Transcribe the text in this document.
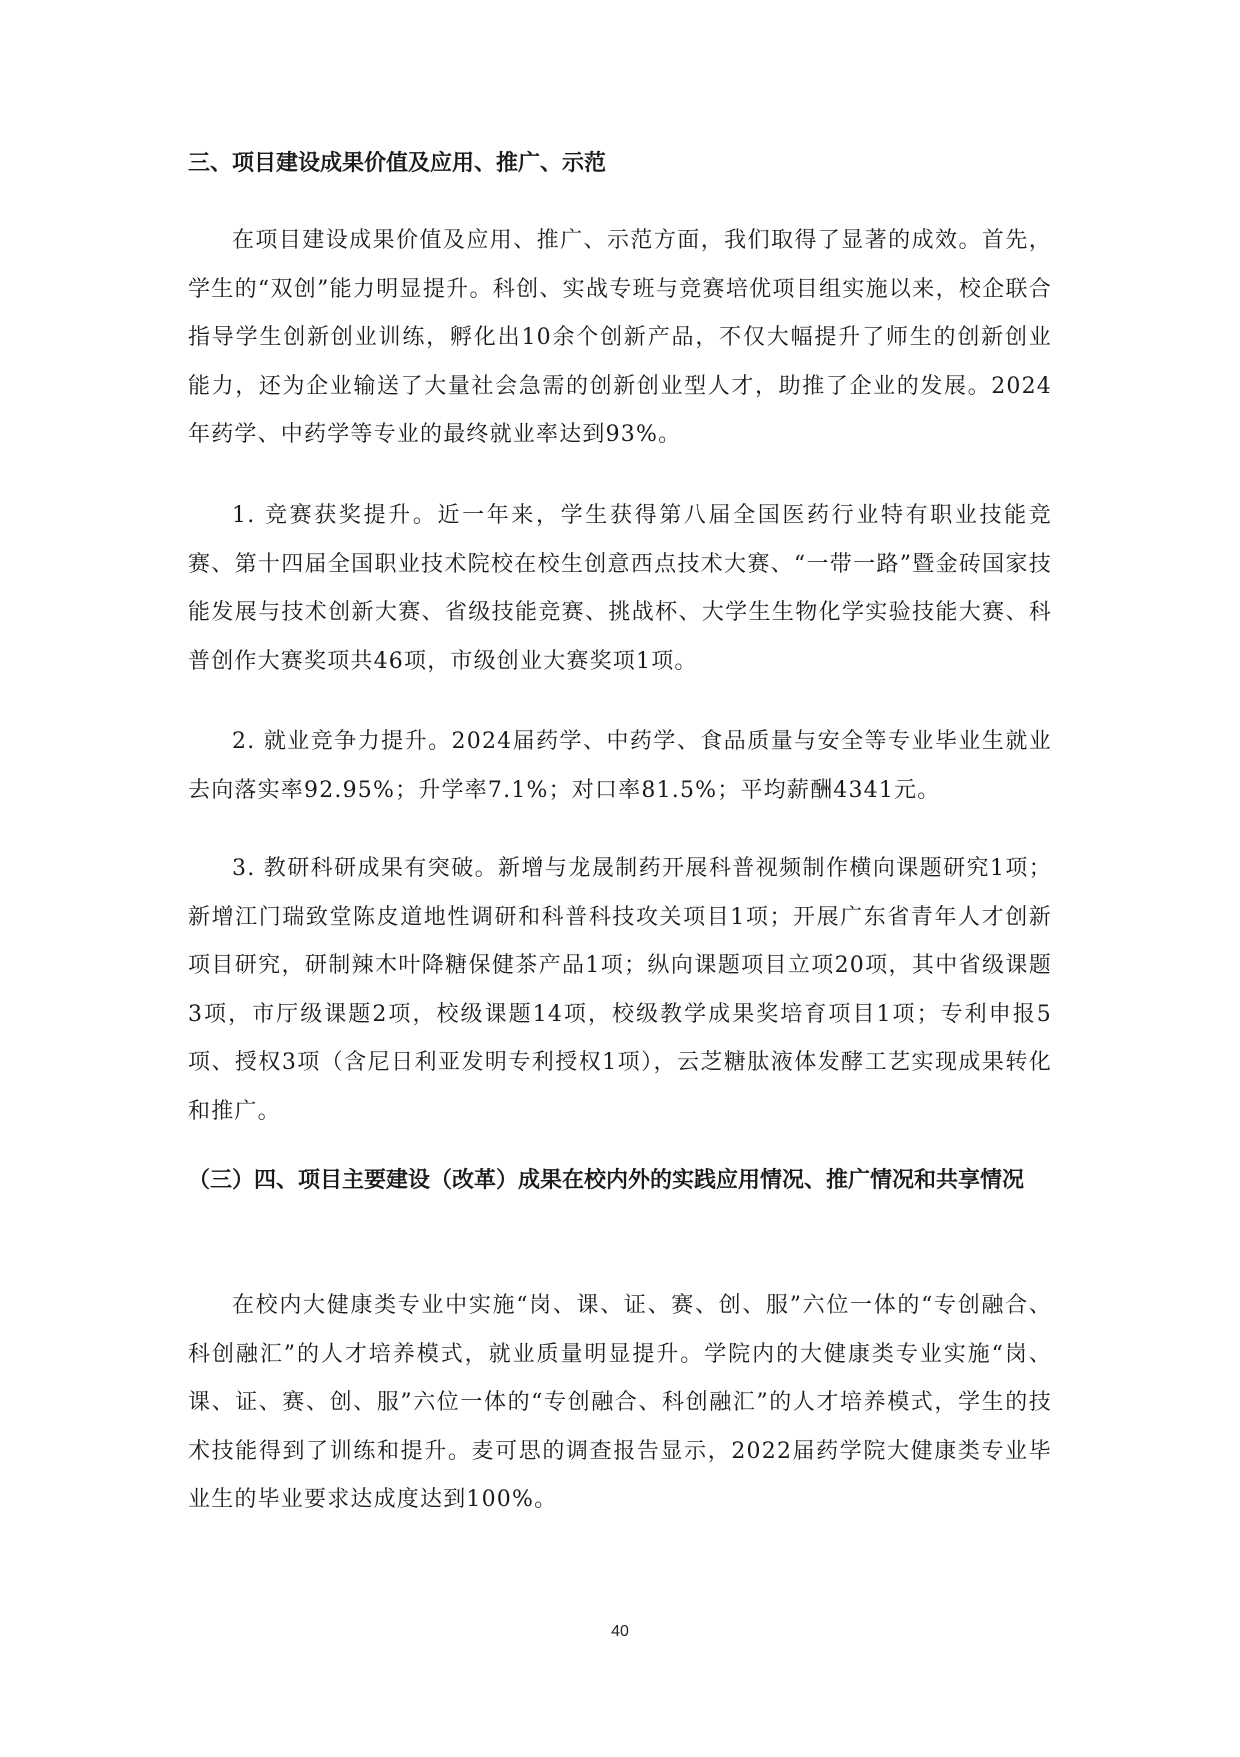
三、项目建设成果价值及应用、推广、示范

在项目建设成果价值及应用、推广、示范方面，我们取得了显著的成效。首先，学生的“双创”能力明显提升。科创、实战专班与竞赛培优项目组实施以来，校企联合指导学生创新创业训练，孵化出10余个创新产品，不仅大幅提升了师生的创新创业能力，还为企业输送了大量社会急需的创新创业型人才，助推了企业的发展。2024年药学、中药学等专业的最终就业率达到93%。

1. 竞赛获奖提升。近一年来，学生获得第八届全国医药行业特有职业技能竞赛、第十四届全国职业技术院校在校生创意西点技术大赛、“一带一路”暨金砖国家技能发展与技术创新大赛、省级技能竞赛、挑战杯、大学生生物化学实验技能大赛、科普创作大赛奖项共46项，市级创业大赛奖项1项。

2. 就业竞争力提升。2024届药学、中药学、食品质量与安全等专业毕业生就业去向落实率92.95%；升学率7.1%；对口率81.5%；平均薪酬4341元。

3. 教研科研成果有突破。新增与龙晟制药开展科普视频制作横向课题研究1项；新增江门瑞致堂陈皮道地性调研和科普科技攻关项目1项；开展广东省青年人才创新项目研究，研制辣木叶降糖保健茶产品1项；纵向课题项目立项20项，其中省级课题3项，市厅级课题2项，校级课题14项，校级教学成果奖培育项目1项；专利申报5项、授权3项（含尼日利亚发明专利授权1项），云芝糖肽液体发酵工艺实现成果转化和推广。

（三）四、项目主要建设（改革）成果在校内外的实践应用情况、推广情况和共享情况

在校内大健康类专业中实施“岗、课、证、赛、创、服”六位一体的“专创融合、科创融汇”的人才培养模式，就业质量明显提升。学院内的大健康类专业实施“岗、课、证、赛、创、服”六位一体的“专创融合、科创融汇”的人才培养模式，学生的技术技能得到了训练和提升。麦可思的调查报告显示，2022届药学院大健康类专业毕业生的毕业要求达成度达到100%。

40
